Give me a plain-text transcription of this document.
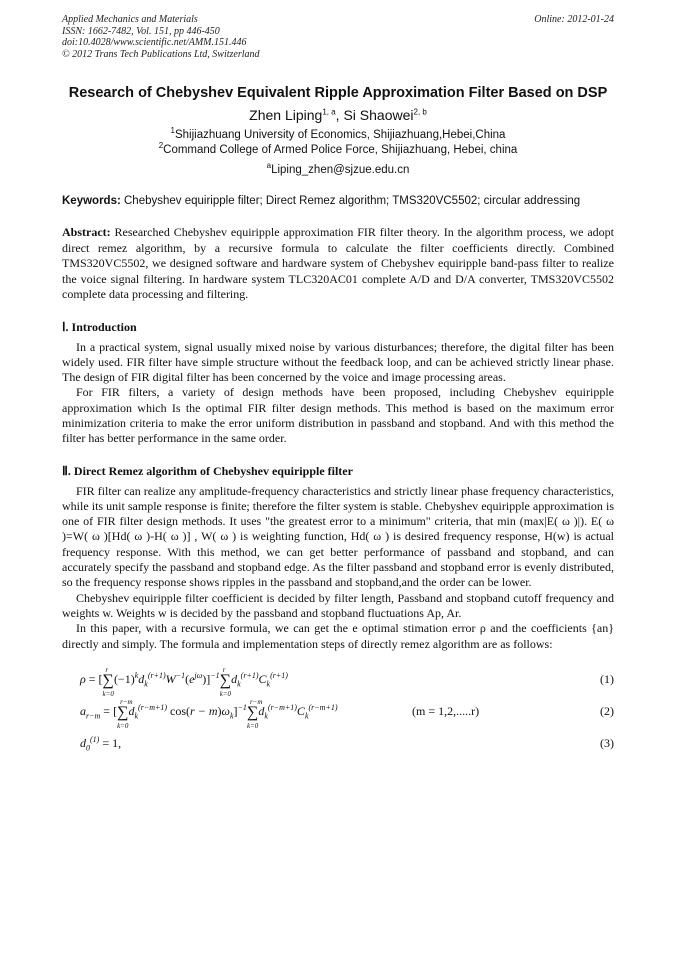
Applied Mechanics and Materials
ISSN: 1662-7482, Vol. 151, pp 446-450
doi:10.4028/www.scientific.net/AMM.151.446
© 2012 Trans Tech Publications Ltd, Switzerland
Online: 2012-01-24
Research of Chebyshev Equivalent Ripple Approximation Filter Based on DSP
Zhen Liping$^{1, a}$, Si Shaowei$^{2, b}$
$^1$Shijiazhuang University of Economics, Shijiazhuang,Hebei,China
$^2$Command College of Armed Police Force, Shijiazhuang, Hebei, china
$^a$Liping_zhen@sjzue.edu.cn
Keywords: Chebyshev equiripple filter; Direct Remez algorithm; TMS320VC5502; circular addressing
Abstract: Researched Chebyshev equiripple approximation FIR filter theory. In the algorithm process, we adopt direct remez algorithm, by a recursive formula to calculate the filter coefficients directly. Combined TMS320VC5502, we designed software and hardware system of Chebyshev equiripple band-pass filter to realize the voice signal filtering. In hardware system TLC320AC01 complete A/D and D/A converter, TMS320VC5502 complete data processing and filtering.
Ⅰ. Introduction

In a practical system, signal usually mixed noise by various disturbances; therefore, the digital filter has been widely used. FIR filter have simple structure without the feedback loop, and can be achieved strictly linear phase. The design of FIR digital filter has been concerned by the voice and image processing areas.

For FIR filters, a variety of design methods have been proposed, including Chebyshev equiripple approximation which Is the optimal FIR filter design methods. This method is based on the maximum error minimization criteria to make the error uniform distribution in passband and stopband. And with this method the filter has better performance in the same order.

Ⅱ. Direct Remez algorithm of Chebyshev equiripple filter

FIR filter can realize any amplitude-frequency characteristics and strictly linear phase frequency characteristics, while its unit sample response is finite; therefore the filter system is stable. Chebyshev equiripple approximation is one of FIR filter design methods. It uses "the greatest error to a minimum" criteria, that min (max|E( ω )|). E( ω )=W( ω )[Hd( ω )-H( ω )] , W( ω ) is weighting function, Hd( ω ) is desired frequency response, H(w) is actual frequency response. With this method, we can get better performance of passband and stopband, and can accurately specify the passband and stopband edge. As the filter passband and stopband error is evenly distributed, so the frequency response shows ripples in the passband and stopband,and the order can be lower.

Chebyshev equiripple filter coefficient is decided by filter length, Passband and stopband cutoff frequency and weights w. Weights w is decided by the passband and stopband fluctuations Ap, Ar.

In this paper, with a recursive formula, we can get the e optimal stimation error ρ and the coefficients {an} directly and simply. The formula and implementation steps of directly remez algorithm are as follows:

ρ = [
r
∑
k=0
$(-1)^kd_k^{(r+1)}W^{-1}(e^{j\omega})]^{-1}$
r
∑
k=0
$d_k^{(r+1)}C_k^{(r+1)}$	(1)
$a_{r-m}$ = [
r−m
∑
k=0
$d_k^{(r-m+1)}$ $\cos(r - m)\omega_k]^{-1}$
r−m
∑
k=0
$d_k^{(r-m+1)}C_k^{(r-m+1)}$	(m = 1,2,.....r)	(2)
$d_0^{(1)} = 1$,	(3)
